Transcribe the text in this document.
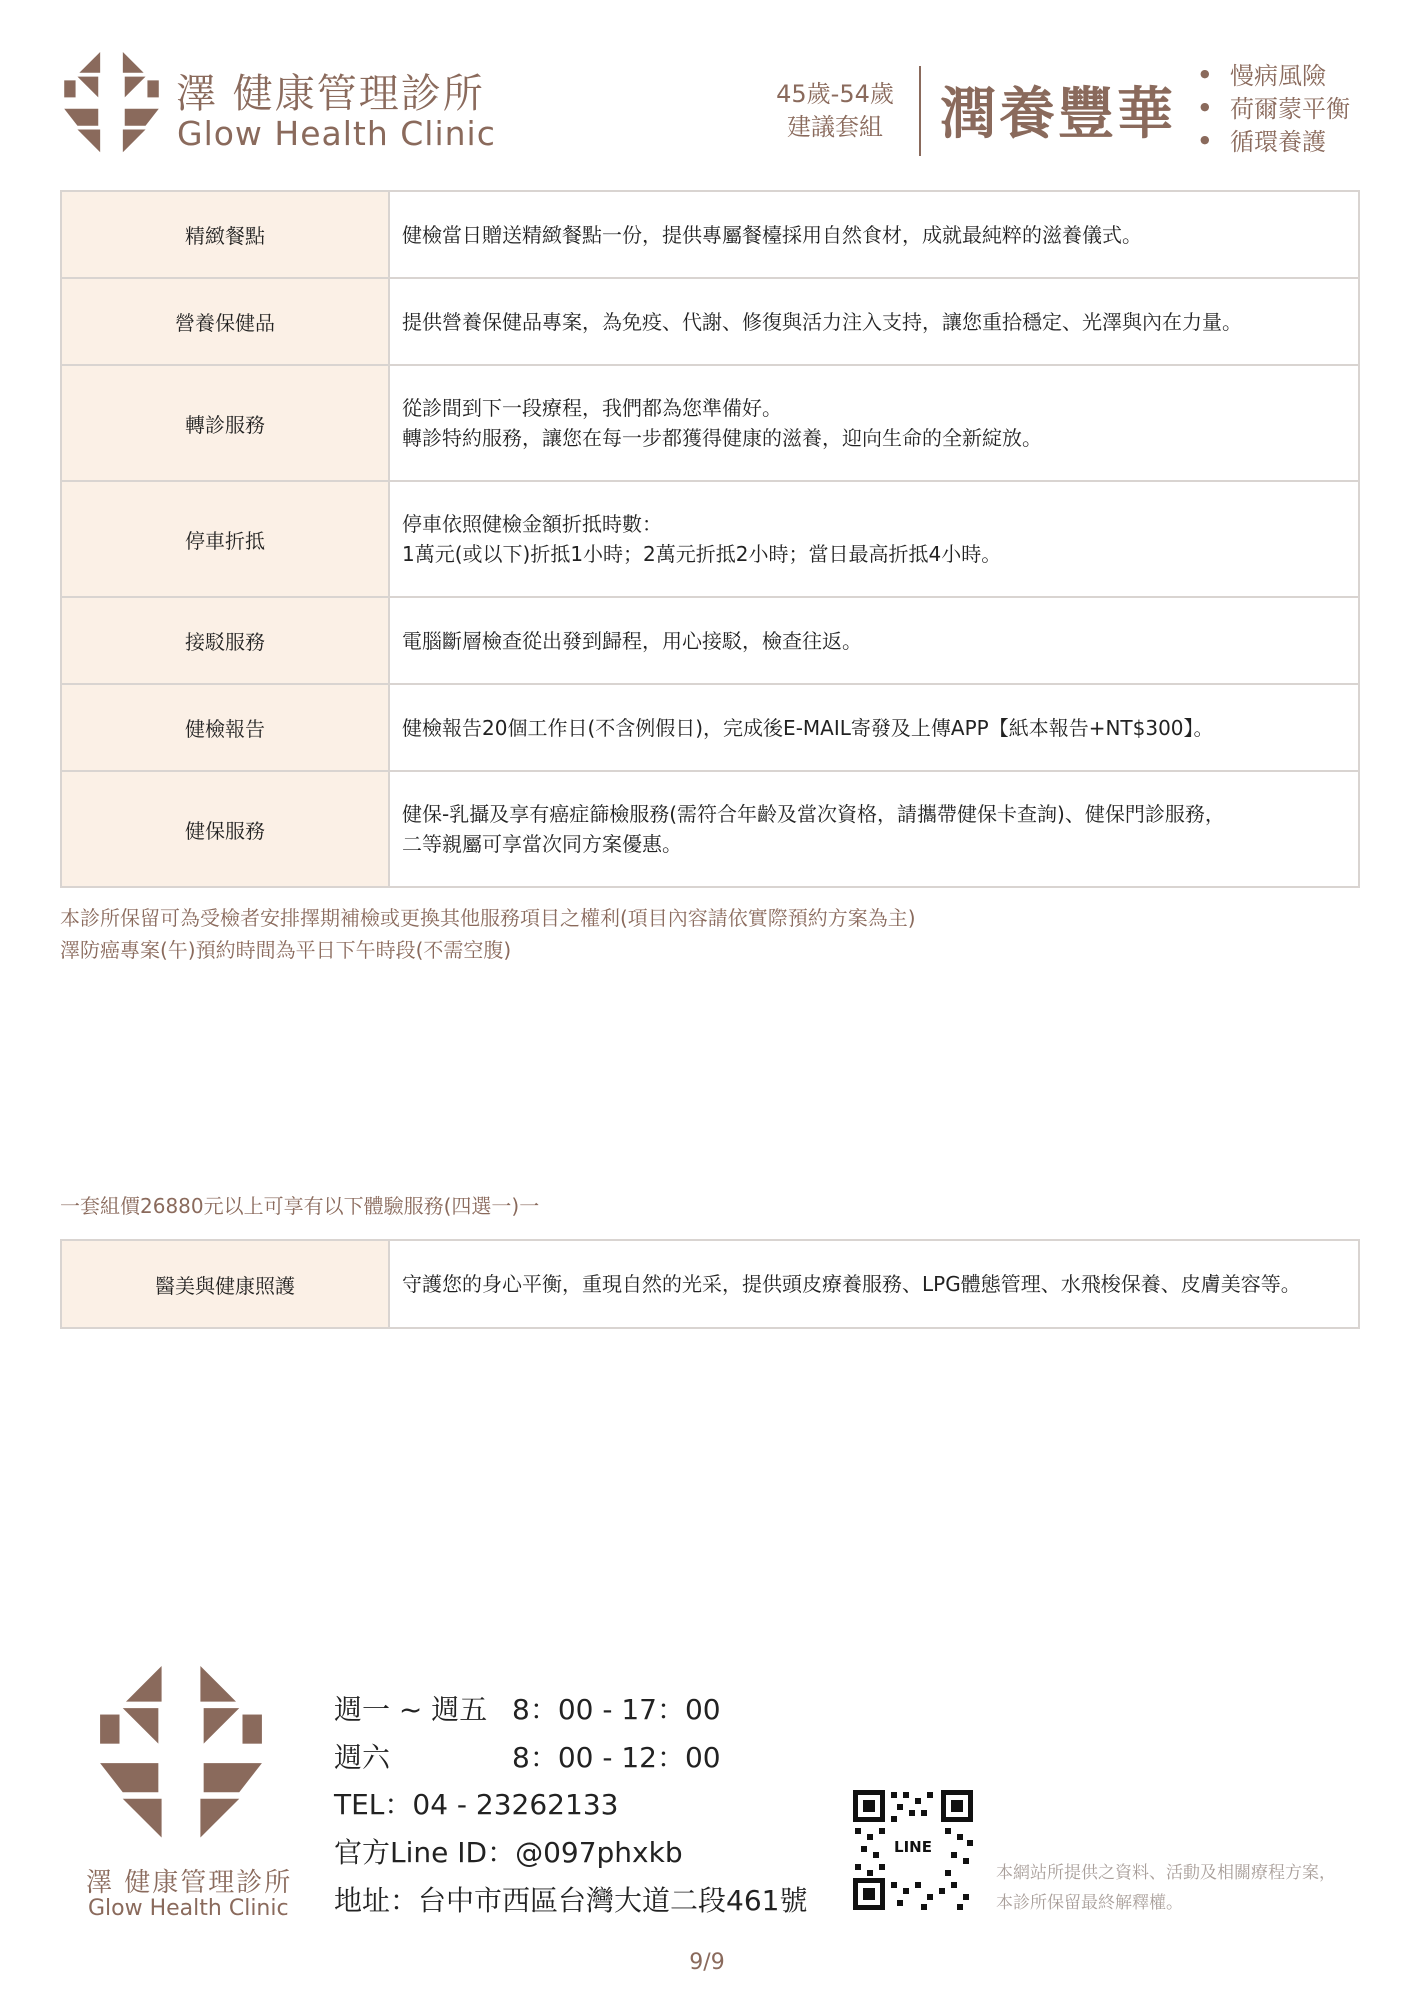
澤 健康管理診所
Glow Health Clinic
45歲-54歲
建議套組	潤養豐華
● 慢病風險
● 荷爾蒙平衡
● 循環養護
精緻餐點	健檢當日贈送精緻餐點一份，提供專屬餐檯採用自然食材，成就最純粹的滋養儀式。

營養保健品	提供營養保健品專案，為免疫、代謝、修復與活力注入支持，讓您重拾穩定、光澤與內在力量。

轉診服務	從診間到下一段療程，我們都為您準備好。
轉診特約服務，讓您在每一步都獲得健康的滋養，迎向生命的全新綻放。

停車折抵	停車依照健檢金額折抵時數：
1萬元(或以下)折抵1小時；2萬元折抵2小時；當日最高折抵4小時。

接駁服務	電腦斷層檢查從出發到歸程，用心接駁，檢查往返。

健檢報告	健檢報告20個工作日(不含例假日)，完成後E-MAIL寄發及上傳APP【紙本報告+NT$300】。

健保服務	健保-乳攝及享有癌症篩檢服務(需符合年齡及當次資格，請攜帶健保卡查詢)、健保門診服務，
二等親屬可享當次同方案優惠。
本診所保留可為受檢者安排擇期補檢或更換其他服務項目之權利(項目內容請依實際預約方案為主)
澤防癌專案(午)預約時間為平日下午時段(不需空腹)
一套組價26880元以上可享有以下體驗服務(四選一)一
醫美與健康照護	守護您的身心平衡，重現自然的光采，提供頭皮療養服務、LPG體態管理、水飛梭保養、皮膚美容等。
澤 健康管理診所
Glow Health Clinic
週一 ~ 週五 8：00 - 17：00
週六	8：00 - 12：00
TEL：04 - 23262133
官方Line ID：@097phxkb
地址：台中市西區台灣大道二段461號
LINE
本網站所提供之資料、活動及相關療程方案，
本診所保留最終解釋權。
9/9
